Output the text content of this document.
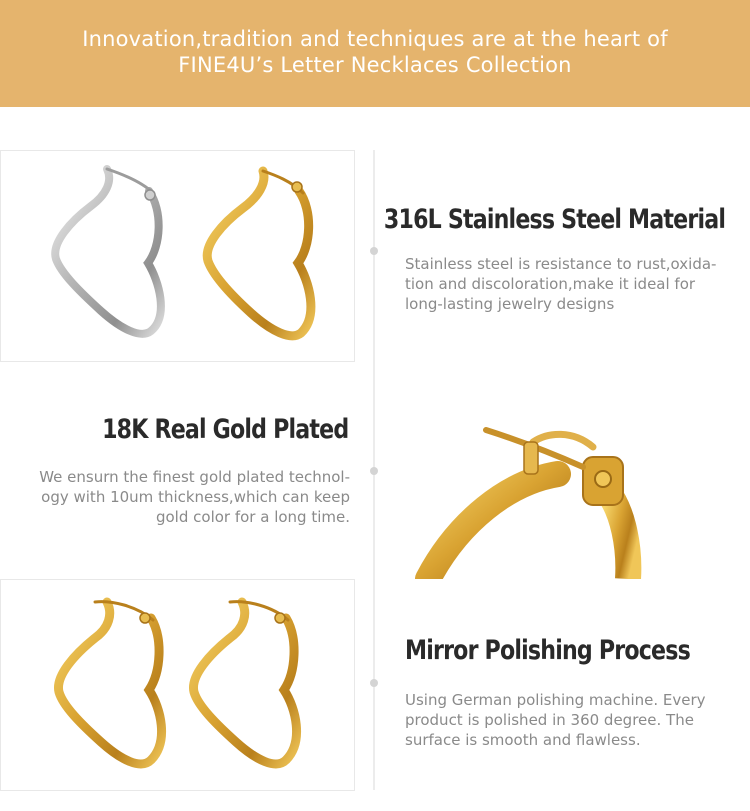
Innovation,tradition and techniques are at the heart of
FINE4U’s Letter Necklaces Collection
316L Stainless Steel Material
Stainless steel is resistance to rust,oxida-
tion and discoloration,make it ideal for
long-lasting jewelry designs
18K Real Gold Plated
We ensurn the finest gold plated technol-
ogy with 10um thickness,which can keep
gold color for a long time.
Mirror Polishing Process
Using German polishing machine. Every
product is polished in 360 degree. The
surface is smooth and flawless.
